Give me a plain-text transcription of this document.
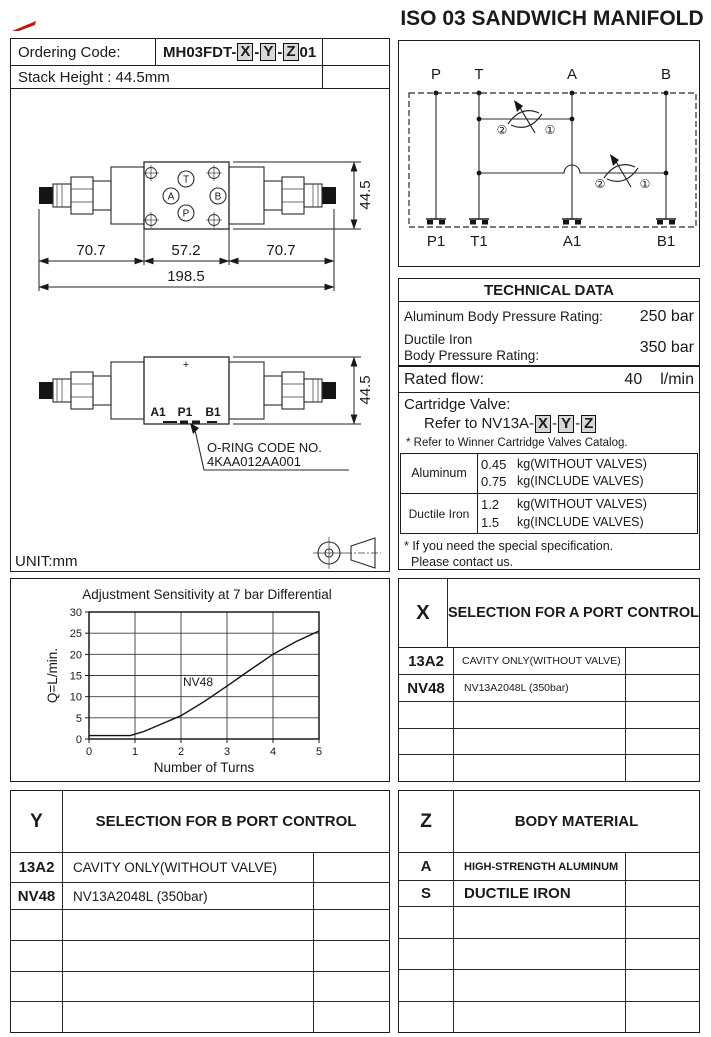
Ordering Code:	MH03FDT- X - Y - Z 01
Stack Height : 44.5mm
T
A	B
P
70.7	57.2	70.7
198.5
44.5
+
A1 P1 B1
O-RING CODE NO.
4KAA012AA001
44.5
UNIT:mm
ISO 03 SANDWICH MANIFOLD
P T	A	B
②	①
②	①
P1 T1	A1	B1
TECHNICAL DATA
Aluminum Body Pressure Rating: 250 bar
Ductile Iron
Body Pressure Rating:	350 bar
Rated flow:	40 l/min
Cartridge Valve:
Refer to NV13A- X - Y - Z
* Refer to Winner Cartridge Valves Catalog.
Aluminum
0.45 kg(WITHOUT VALVES)
0.75 kg(INCLUDE VALVES)
Ductile Iron
1.2	kg(WITHOUT VALVES)
1.5	kg(INCLUDE VALVES)
* If you need the special specification.
Please contact us.
0	1	2	3	4	5
0
5
10
15
20
25
30
NV48
Number of Turns
Q=L/min.
Adjustment Sensitivity at 7 bar Differential
X	SELECTION FOR A PORT CONTROL
13A2	CAVITY ONLY(WITHOUT VALVE)
NV48	NV13A2048L (350bar)
Y	SELECTION FOR B PORT CONTROL
13A2	CAVITY ONLY(WITHOUT VALVE)
NV48	NV13A2048L (350bar)
Z	BODY MATERIAL
A	HIGH-STRENGTH ALUMINUM
S	DUCTILE IRON
